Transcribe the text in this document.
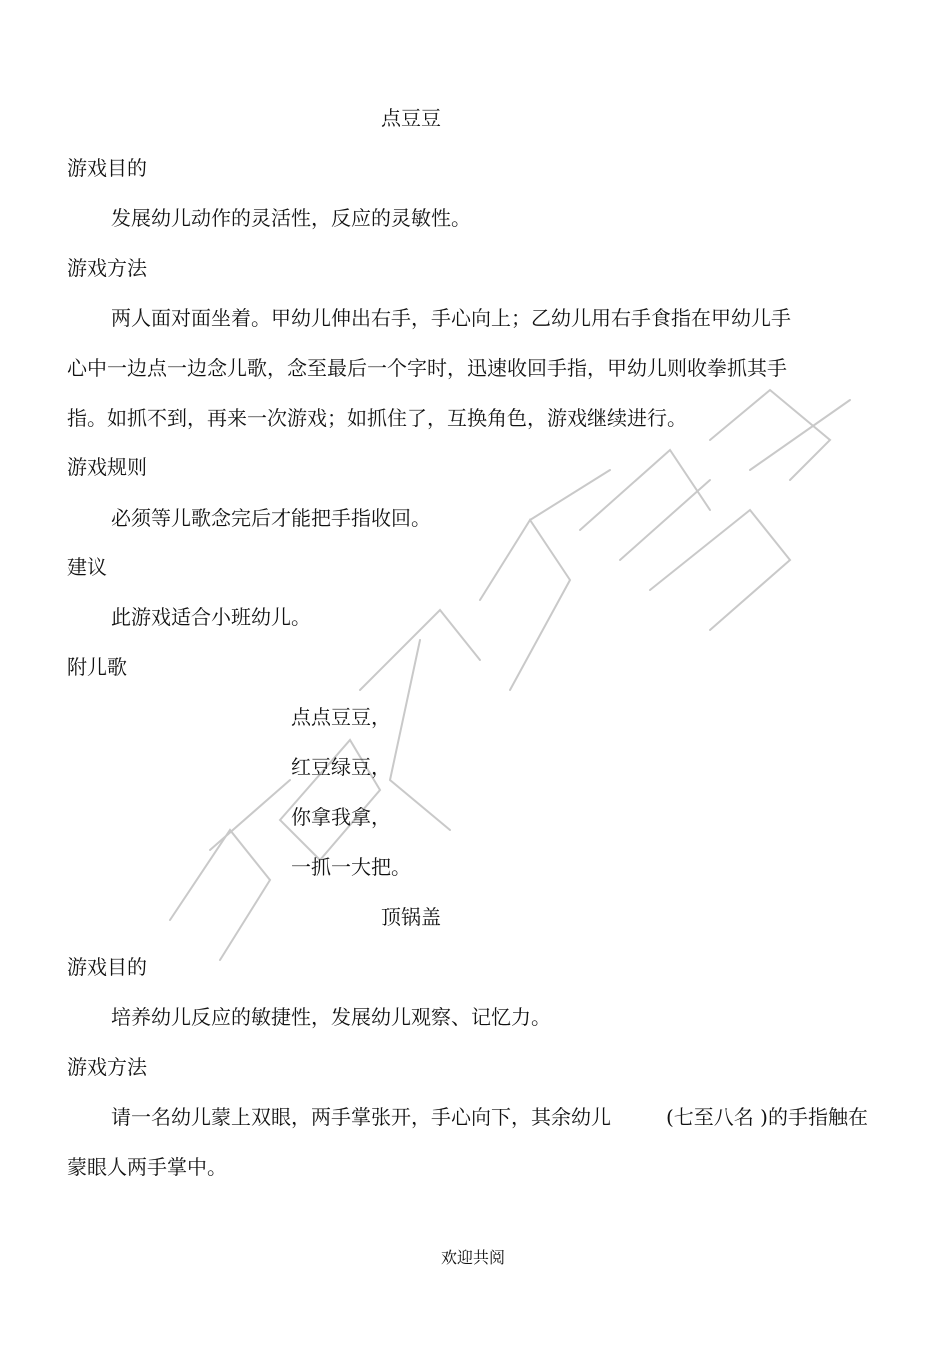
点豆豆
游戏目的
发展幼儿动作的灵活性，反应的灵敏性。
游戏方法
两人面对面坐着。甲幼儿伸出右手，手心向上；乙幼儿用右手食指在甲幼儿手
心中一边点一边念儿歌，念至最后一个字时，迅速收回手指，甲幼儿则收拳抓其手
指。如抓不到，再来一次游戏；如抓住了，互换角色，游戏继续进行。
游戏规则
必须等儿歌念完后才能把手指收回。
建议
此游戏适合小班幼儿。
附儿歌
点点豆豆，
红豆绿豆，
你拿我拿，
一抓一大把。
顶锅盖
游戏目的
培养幼儿反应的敏捷性，发展幼儿观察、记忆力。
游戏方法
请一名幼儿蒙上双眼，两手掌张开，手心向下，其余幼儿	(七至八名 )的手指触在
蒙眼人两手掌中。
欢迎共阅
